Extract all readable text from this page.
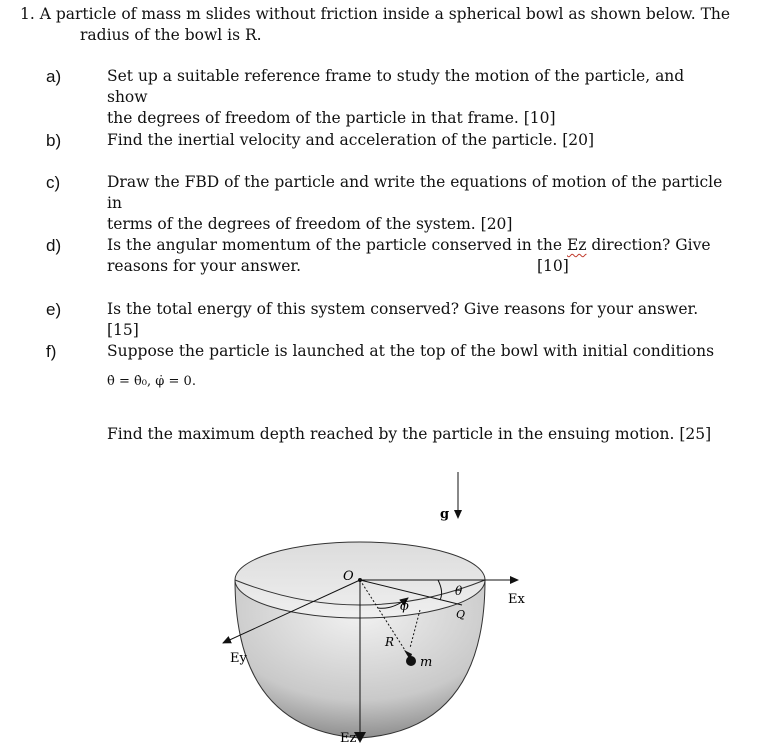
1. A particle of mass m slides without friction inside a spherical bowl as shown below. The
radius of the bowl is R.
a)	Set up a suitable reference frame to study the motion of the particle, and show
the degrees of freedom of the particle in that frame. [10]
b)	Find the inertial velocity and acceleration of the particle. [20]
c)	Draw the FBD of the particle and write the equations of motion of the particle in
terms of the degrees of freedom of the system. [20]
d)	Is the angular momentum of the particle conserved in the Ez direction? Give
reasons for your answer.	[10]
e)	Is the total energy of this system conserved? Give reasons for your answer. [15]
f)	Suppose the particle is launched at the top of the bowl with initial conditions
θ̇ = θ̇₀, φ̇ = 0.
Find the maximum depth reached by the particle in the ensuing motion. [25]
g
Ex
Ey
Ez
ϕ
θ
O
Q
R
m
